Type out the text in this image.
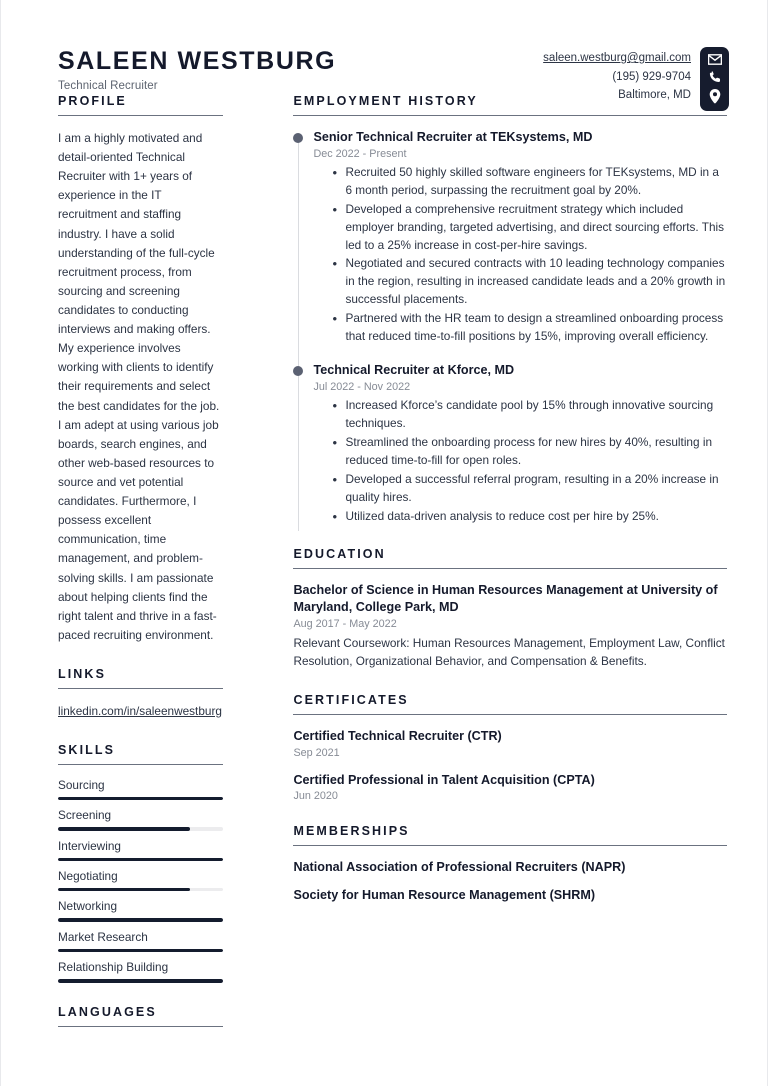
SALEEN WESTBURG
Technical Recruiter
saleen.westburg@gmail.com
(195) 929-9704
Baltimore, MD
PROFILE
I am a highly motivated and detail-oriented Technical Recruiter with 1+ years of experience in the IT recruitment and staffing industry. I have a solid understanding of the full-cycle recruitment process, from sourcing and screening candidates to conducting interviews and making offers. My experience involves working with clients to identify their requirements and select the best candidates for the job. I am adept at using various job boards, search engines, and other web-based resources to source and vet potential candidates. Furthermore, I possess excellent communication, time management, and problem-solving skills. I am passionate about helping clients find the right talent and thrive in a fast-paced recruiting environment.
LINKS
linkedin.com/in/saleenwestburg
SKILLS
Sourcing
Screening
Interviewing
Negotiating
Networking
Market Research
Relationship Building
LANGUAGES
EMPLOYMENT HISTORY
Senior Technical Recruiter at TEKsystems, MD
Dec 2022 - Present
• Recruited 50 highly skilled software engineers for TEKsystems, MD in a 6 month period, surpassing the recruitment goal by 20%.
• Developed a comprehensive recruitment strategy which included employer branding, targeted advertising, and direct sourcing efforts. This led to a 25% increase in cost-per-hire savings.
• Negotiated and secured contracts with 10 leading technology companies in the region, resulting in increased candidate leads and a 20% growth in successful placements.
• Partnered with the HR team to design a streamlined onboarding process that reduced time-to-fill positions by 15%, improving overall efficiency.
Technical Recruiter at Kforce, MD
Jul 2022 - Nov 2022
• Increased Kforce’s candidate pool by 15% through innovative sourcing techniques.
• Streamlined the onboarding process for new hires by 40%, resulting in reduced time-to-fill for open roles.
• Developed a successful referral program, resulting in a 20% increase in quality hires.
• Utilized data-driven analysis to reduce cost per hire by 25%.
EDUCATION
Bachelor of Science in Human Resources Management at University of Maryland, College Park, MD
Aug 2017 - May 2022
Relevant Coursework: Human Resources Management, Employment Law, Conflict Resolution, Organizational Behavior, and Compensation & Benefits.
CERTIFICATES
Certified Technical Recruiter (CTR)
Sep 2021
Certified Professional in Talent Acquisition (CPTA)
Jun 2020
MEMBERSHIPS
National Association of Professional Recruiters (NAPR)
Society for Human Resource Management (SHRM)
